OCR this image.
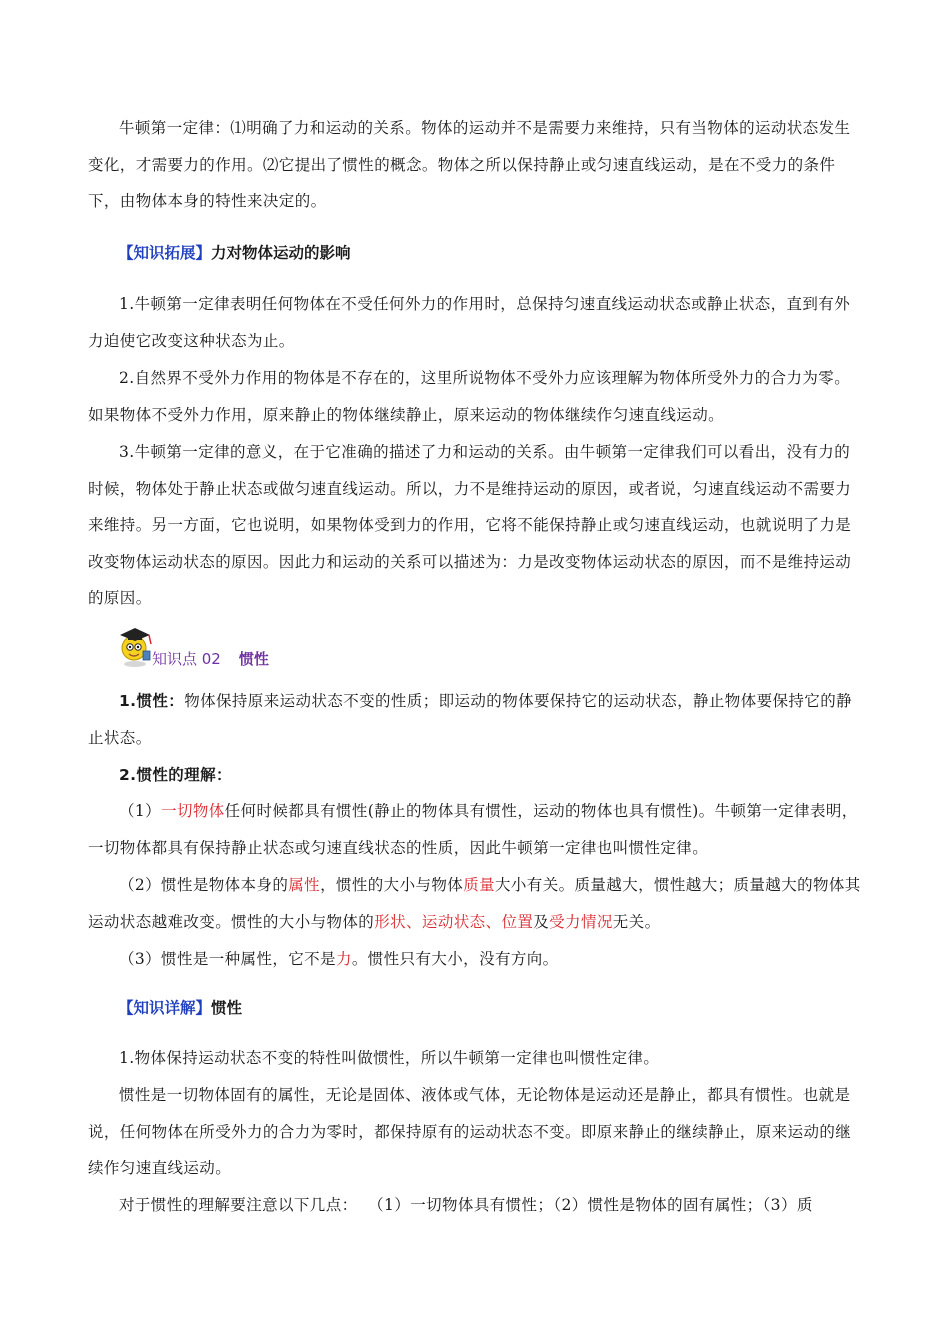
牛顿第一定律：⑴明确了力和运动的关系。物体的运动并不是需要力来维持，只有当物体的运动状态发生变化，才需要力的作用。⑵它提出了惯性的概念。物体之所以保持静止或匀速直线运动，是在不受力的条件下，由物体本身的特性来决定的。
【知识拓展】力对物体运动的影响
1.牛顿第一定律表明任何物体在不受任何外力的作用时，总保持匀速直线运动状态或静止状态，直到有外力迫使它改变这种状态为止。
2.自然界不受外力作用的物体是不存在的，这里所说物体不受外力应该理解为物体所受外力的合力为零。如果物体不受外力作用，原来静止的物体继续静止，原来运动的物体继续作匀速直线运动。
3.牛顿第一定律的意义，在于它准确的描述了力和运动的关系。由牛顿第一定律我们可以看出，没有力的时候，物体处于静止状态或做匀速直线运动。所以，力不是维持运动的原因，或者说，匀速直线运动不需要力来维持。另一方面，它也说明，如果物体受到力的作用，它将不能保持静止或匀速直线运动，也就说明了力是改变物体运动状态的原因。因此力和运动的关系可以描述为：力是改变物体运动状态的原因，而不是维持运动的原因。
知识点 02 惯性
1.惯性：物体保持原来运动状态不变的性质；即运动的物体要保持它的运动状态，静止物体要保持它的静止状态。
2.惯性的理解：
（1）一切物体任何时候都具有惯性(静止的物体具有惯性，运动的物体也具有惯性)。牛顿第一定律表明，一切物体都具有保持静止状态或匀速直线状态的性质，因此牛顿第一定律也叫惯性定律。
（2）惯性是物体本身的属性，惯性的大小与物体质量大小有关。质量越大，惯性越大；质量越大的物体其运动状态越难改变。惯性的大小与物体的形状、运动状态、位置及受力情况无关。
（3）惯性是一种属性，它不是力。惯性只有大小，没有方向。
【知识详解】惯性
1.物体保持运动状态不变的特性叫做惯性，所以牛顿第一定律也叫惯性定律。
惯性是一切物体固有的属性，无论是固体、液体或气体，无论物体是运动还是静止，都具有惯性。也就是说，任何物体在所受外力的合力为零时，都保持原有的运动状态不变。即原来静止的继续静止，原来运动的继续作匀速直线运动。
对于惯性的理解要注意以下几点：  （1）一切物体具有惯性；（2）惯性是物体的固有属性；（3）质
